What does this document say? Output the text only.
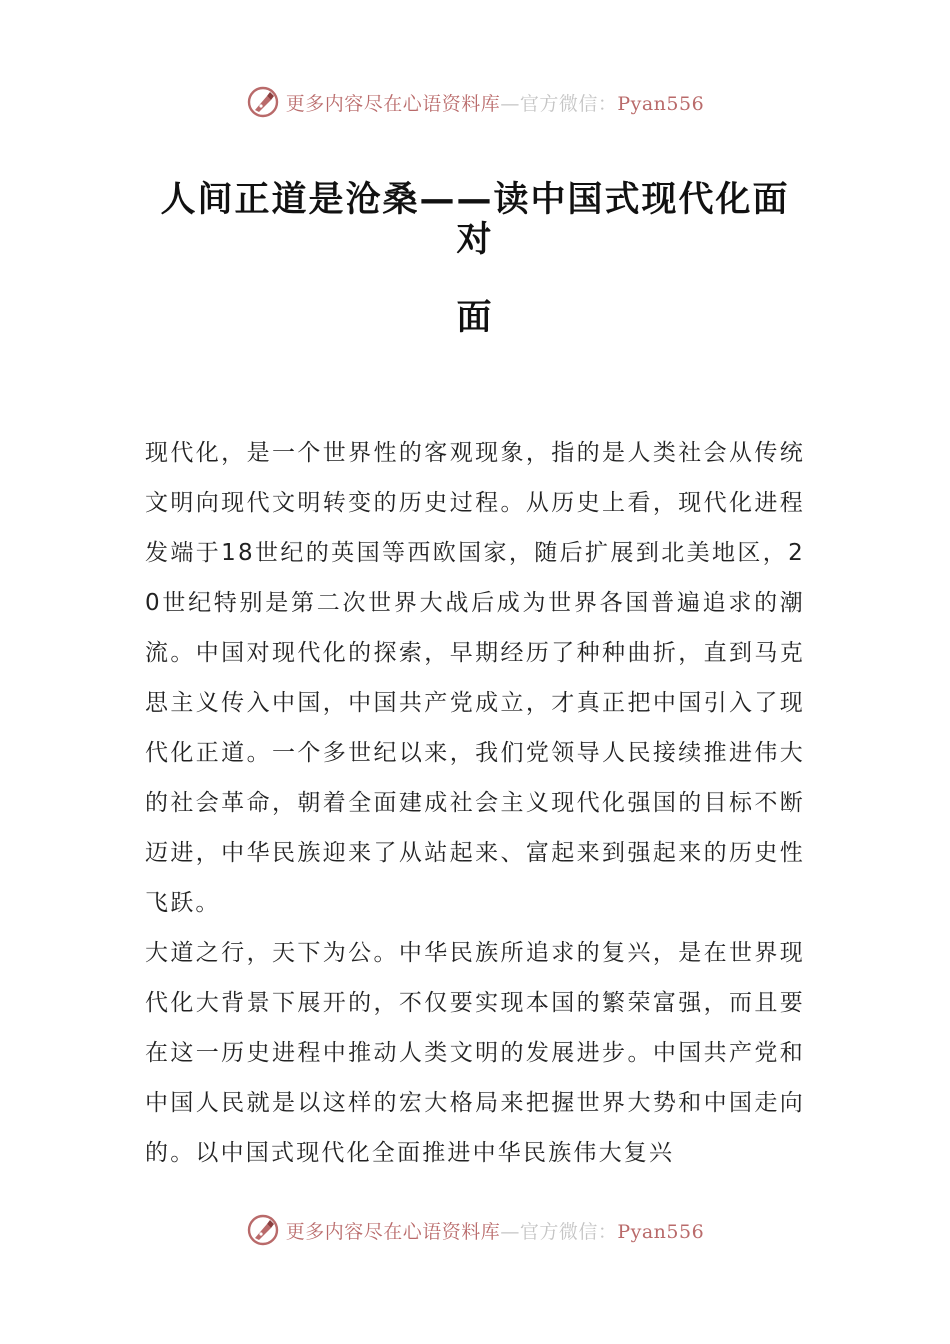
更多内容尽在心语资料库—官方微信：Pyan556
人间正道是沧桑——读中国式现代化面对
面

现代化，是一个世界性的客观现象，指的是人类社会从传统文明向现代文明转变的历史过程。从历史上看，现代化进程发端于18世纪的英国等西欧国家，随后扩展到北美地区，20世纪特别是第二次世界大战后成为世界各国普遍追求的潮流。中国对现代化的探索，早期经历了种种曲折，直到马克思主义传入中国，中国共产党成立，才真正把中国引入了现代化正道。一个多世纪以来，我们党领导人民接续推进伟大的社会革命，朝着全面建成社会主义现代化强国的目标不断迈进，中华民族迎来了从站起来、富起来到强起来的历史性飞跃。

大道之行，天下为公。中华民族所追求的复兴，是在世界现代化大背景下展开的，不仅要实现本国的繁荣富强，而且要在这一历史进程中推动人类文明的发展进步。中国共产党和中国人民就是以这样的宏大格局来把握世界大势和中国走向的。以中国式现代化全面推进中华民族伟大复兴

更多内容尽在心语资料库—官方微信：Pyan556
